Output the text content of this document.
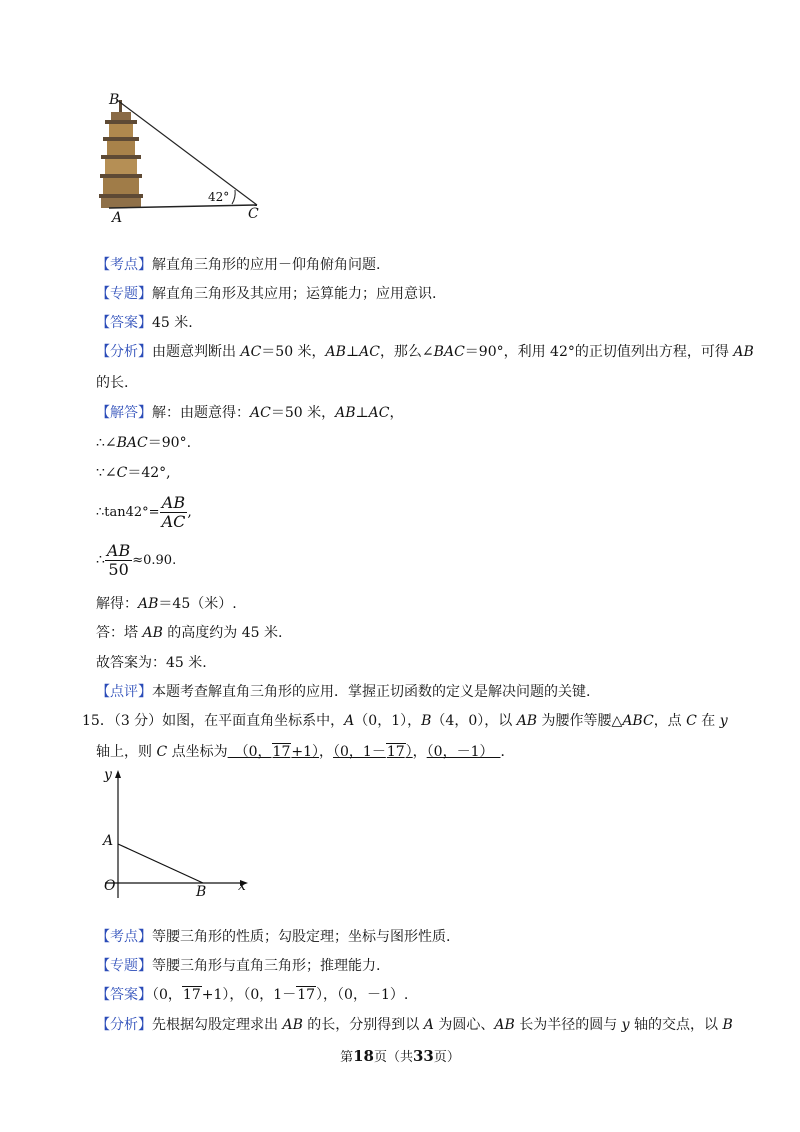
B
A	C
42°
【考点】解直角三角形的应用－仰角俯角问题.
【专题】解直角三角形及其应用；运算能力；应用意识.
【答案】45 米.
【分析】由题意判断出 AC＝50 米，AB⊥AC，那么∠BAC＝90°，利用 42°的正切值列出方程，可得 AB
的长.
【解答】解：由题意得：AC＝50 米，AB⊥AC，
∴∠BAC＝90°.
∵∠C＝42°,
∴tan42°= $\frac{AB}{AC}$ ,
∴ $\frac{AB}{50} \approx 0.90$.
解得：AB＝45（米）.
答：塔 AB 的高度约为 45 米.
故答案为：45 米.
【点评】本题考查解直角三角形的应用．掌握正切函数的定义是解决问题的关键.
15．（3 分）如图，在平面直角坐标系中，A（0，1），B（4，0），以 AB 为腰作等腰△ABC，点 C 在 y
轴上，则 C 点坐标为　（0，17+1），（0，1－17），（0，－1）　．
y
x
A
O	B
【考点】等腰三角形的性质；勾股定理；坐标与图形性质.
【专题】等腰三角形与直角三角形；推理能力.
【答案】（0，17+1），（0，1－17），（0，－1）.
【分析】先根据勾股定理求出 AB 的长，分别得到以 A 为圆心、AB 长为半径的圆与 y 轴的交点，以 B
第18页（共33页）
